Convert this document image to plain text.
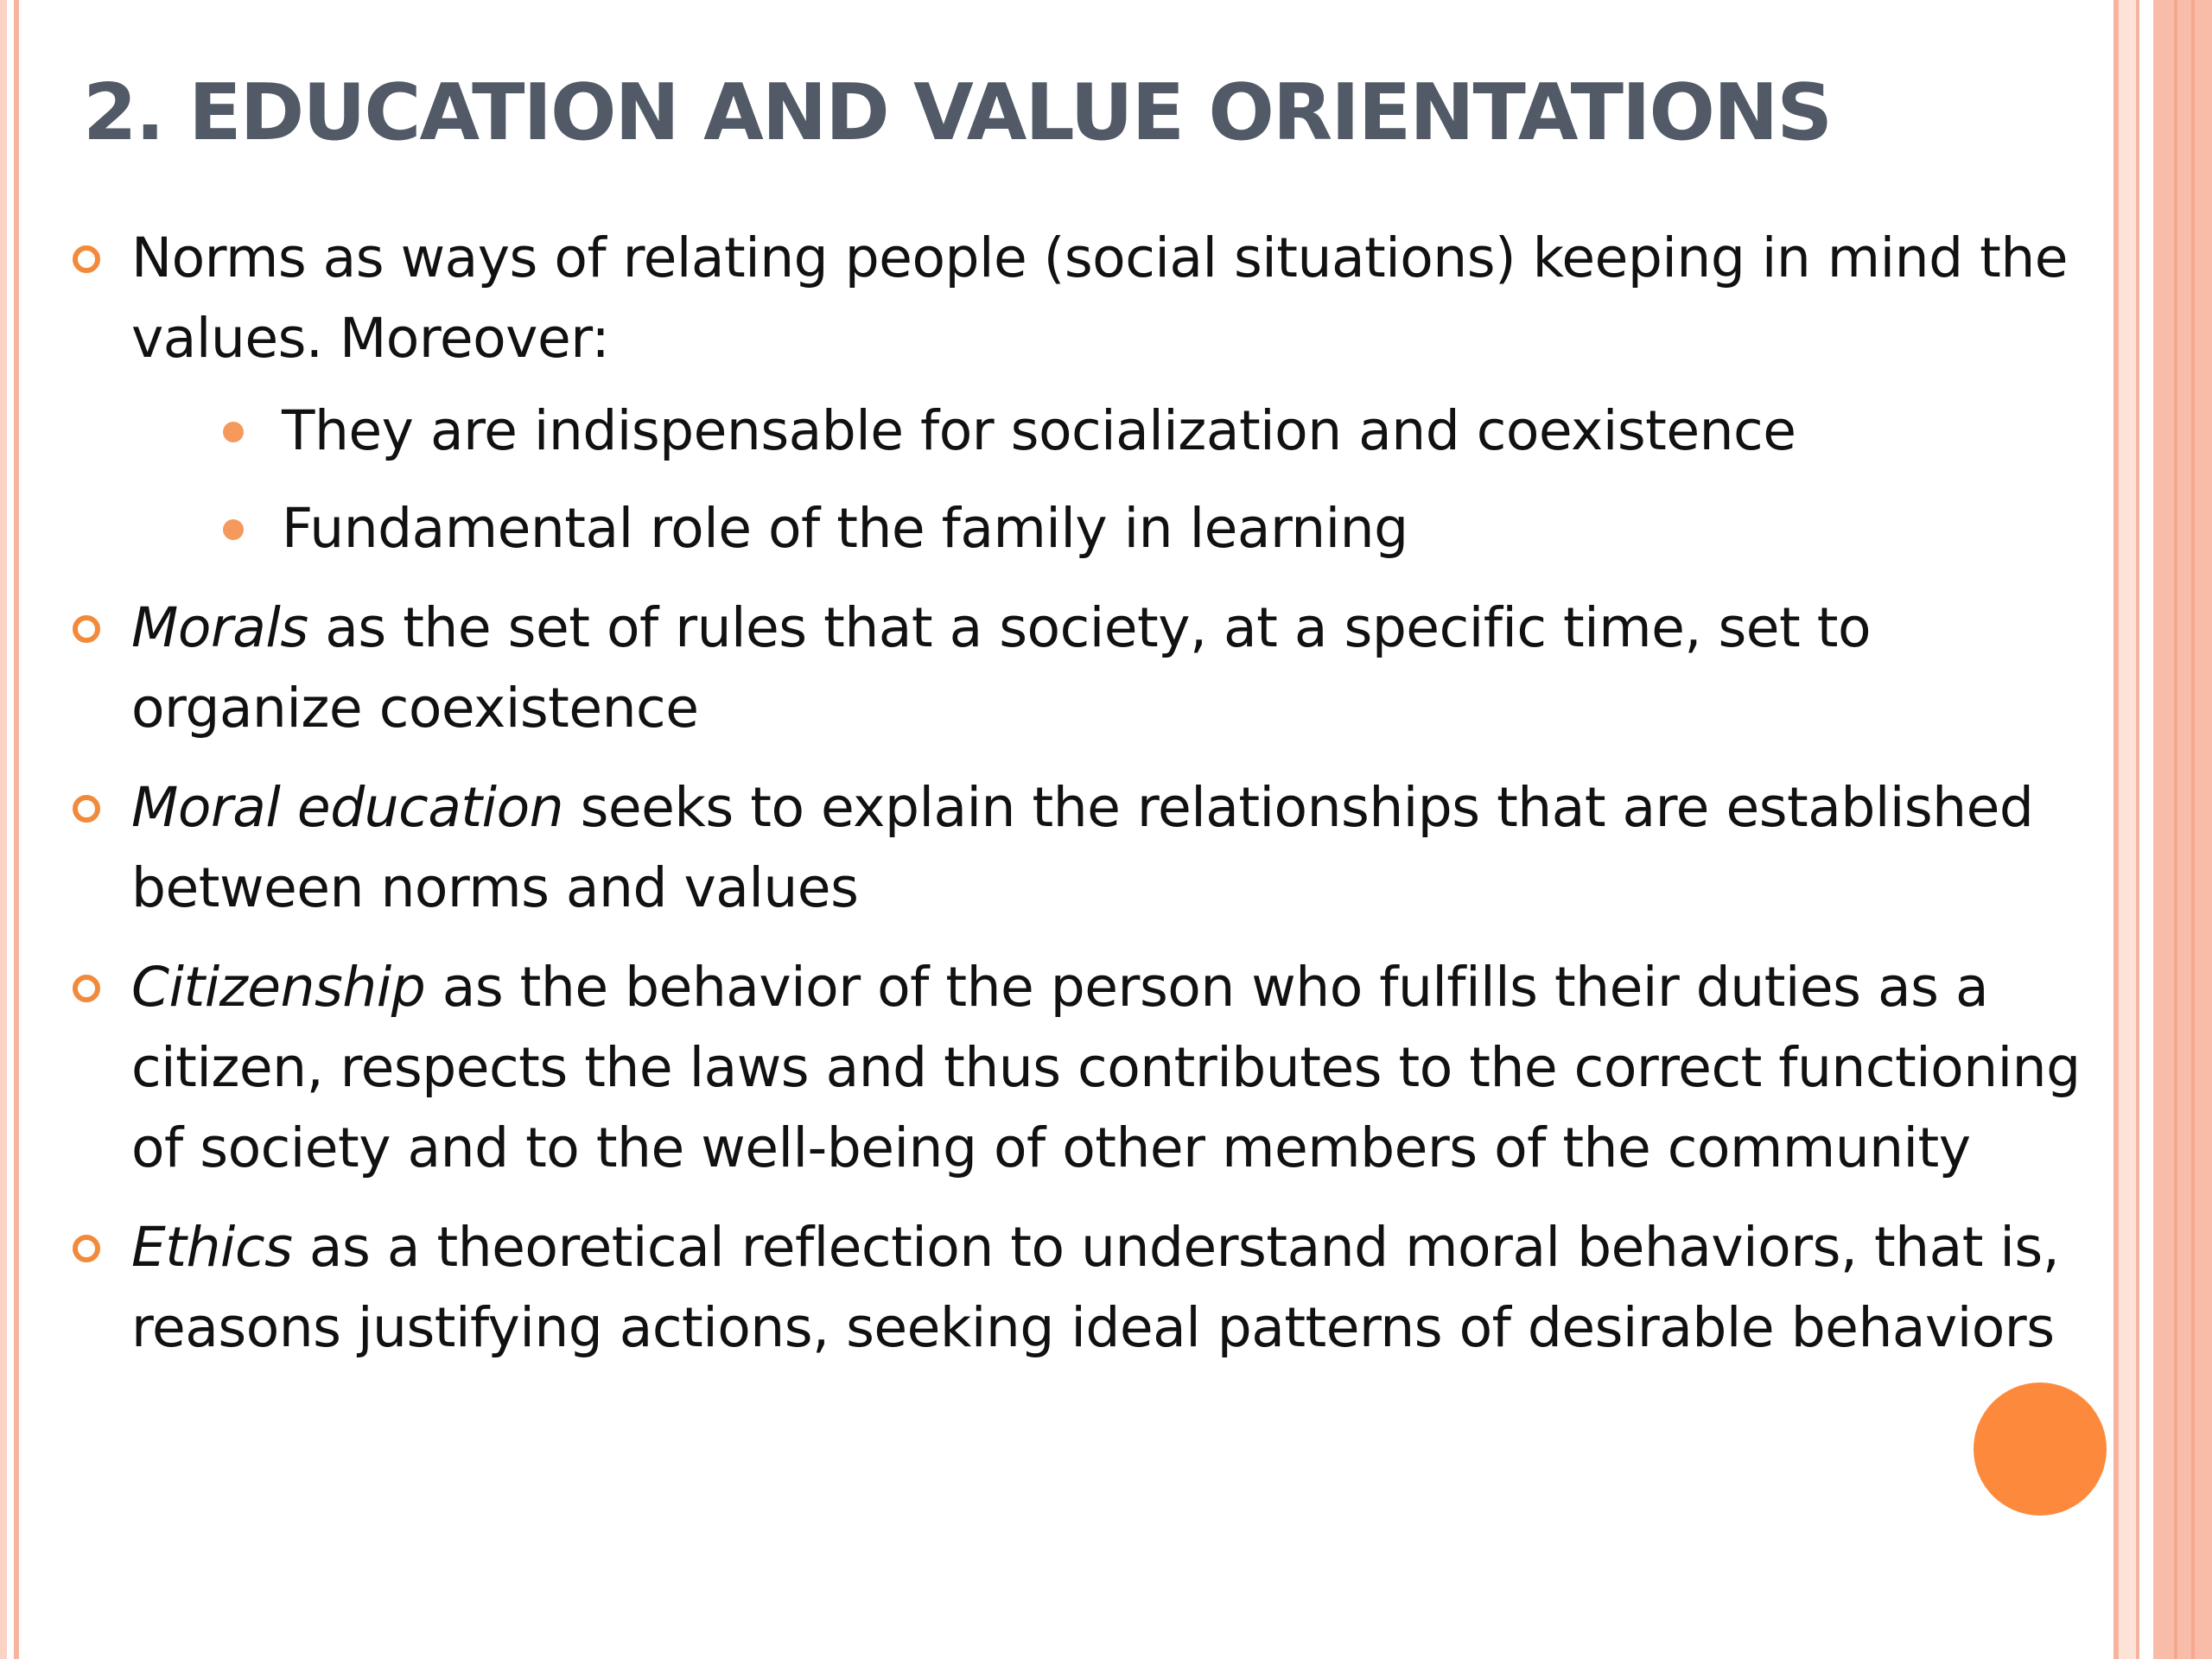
2. EDUCATION AND VALUE ORIENTATIONS
Norms as ways of relating people (social situations) keeping in mind the values. Moreover:
They are indispensable for socialization and coexistence
Fundamental role of the family in learning
Morals as the set of rules that a society, at a specific time, set to organize coexistence
Moral education seeks to explain the relationships that are established between norms and values
Citizenship as the behavior of the person who fulfills their duties as a citizen, respects the laws and thus contributes to the correct functioning of society and to the well-being of other members of the community
Ethics as a theoretical reflection to understand moral behaviors, that is, reasons justifying actions, seeking ideal patterns of desirable behaviors
